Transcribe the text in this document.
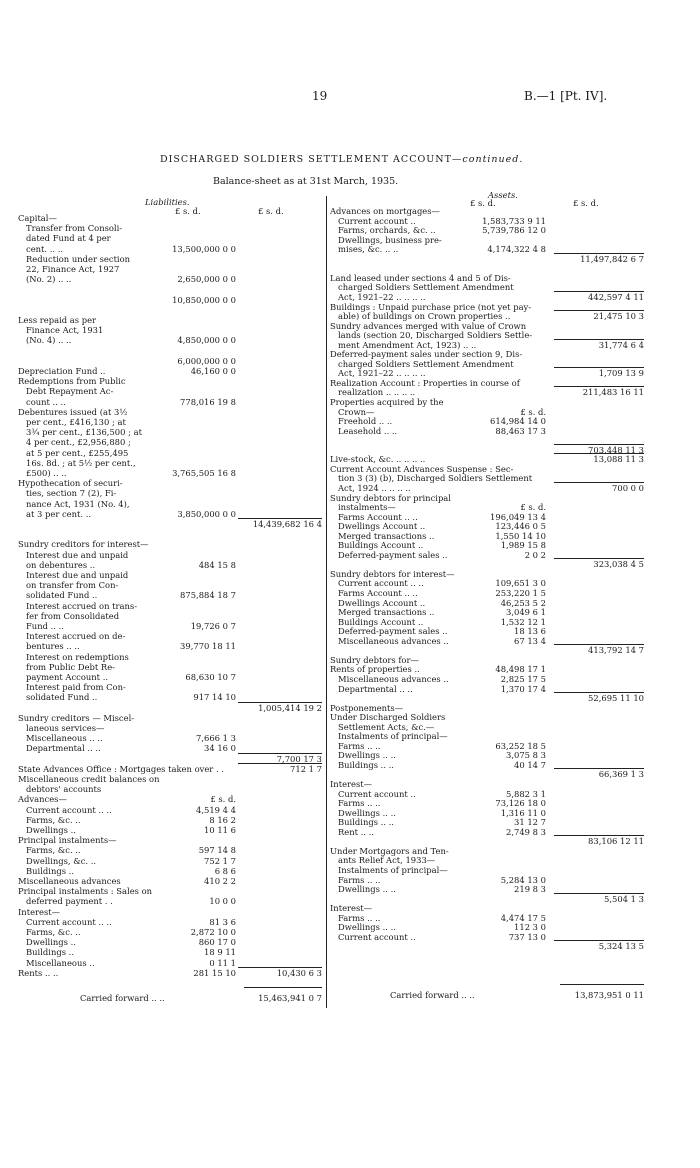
19	B.—1 [Pt. IV].
DISCHARGED SOLDIERS SETTLEMENT ACCOUNT—continued.
Balance-sheet as at 31st March, 1935.
Liabilities.
£ s. d.	£ s. d.
Assets.
£ s. d.	£ s. d.
Capital—
Transfer from Consoli-
dated Fund at 4 per
cent. .. ..	13,500,000 0 0
Reduction under section
22, Finance Act, 1927
(No. 2) .. ..	2,650,000 0 0
10,850,000 0 0
Less repaid as per
Finance Act, 1931
(No. 4) .. ..	4,850,000 0 0
6,000,000 0 0
Depreciation Fund ..	46,160 0 0
Redemptions from Public
Debt Repayment Ac-
count .. ..	778,016 19 8
Debentures issued (at 3½
per cent., £416,130 ; at
3¾ per cent., £136,500 ; at
4 per cent., £2,956,880 ;
at 5 per cent., £255,495
16s. 8d. ; at 5½ per cent.,
£500) .. ..	3,765,505 16 8
Hypothecation of securi-
ties, section 7 (2), Fi-
nance Act, 1931 (No. 4),
at 3 per cent. ..	3,850,000 0 0
14,439,682 16 4
Sundry creditors for interest—
Interest due and unpaid
on debentures ..	484 15 8
Interest due and unpaid
on transfer from Con-
solidated Fund ..	875,884 18 7
Interest accrued on trans-
fer from Consolidated
Fund .. ..	19,726 0 7
Interest accrued on de-
bentures .. ..	39,770 18 11
Interest on redemptions
from Public Debt Re-
payment Account ..	68,630 10 7
Interest paid from Con-
solidated Fund ..	917 14 10
1,005,414 19 2
Sundry creditors — Miscel-
laneous services—
Miscellaneous .. ..	7,666 1 3
Departmental .. ..	34 16 0
7,700 17 3
State Advances Office : Mortgages taken over . .	712 1 7
Miscellaneous credit balances on
debtors' accounts
Advances—	£ s. d.
Current account .. ..	4,519 4 4
Farms, &c. ..	8 16 2
Dwellings ..	10 11 6
Principal instalments—
Farms, &c. ..	597 14 8
Dwellings, &c. ..	752 1 7
Buildings ..	6 8 6
Miscellaneous advances	410 2 2
Principal instalments : Sales on
deferred payment . .	10 0 0
Interest—
Current account .. ..	81 3 6
Farms, &c. ..	2,872 10 0
Dwellings ..	860 17 0
Buildings ..	18 9 11
Miscellaneous ..	0 11 1
Rents .. ..	281 15 10	10,430 6 3
Advances on mortgages—
Current account ..	1,583,733 9 11
Farms, orchards, &c. ..	5,739,786 12 0
Dwellings, business pre-
mises, &c. .. ..	4,174,322 4 8
11,497,842 6 7
Land leased under sections 4 and 5 of Dis-
charged Soldiers Settlement Amendment
Act, 1921–22 .. .. .. ..	442,597 4 11
Buildings : Unpaid purchase price (not yet pay-
able) of buildings on Crown properties ..	21,475 10 3
Sundry advances merged with value of Crown
lands (section 20, Discharged Soldiers Settle-
ment Amendment Act, 1923) .. ..	31,774 6 4
Deferred-payment sales under section 9, Dis-
charged Soldiers Settlement Amendment
Act, 1921–22 .. .. .. ..	1,709 13 9
Realization Account : Properties in course of
realization .. .. .. ..	211,483 16 11
Properties acquired by the
Crown—	£ s. d.
Freehold .. ..	614,984 14 0
Leasehold .. ..	88,463 17 3
703,448 11 3
Live-stock, &c. .. .. .. ..	13,088 11 3
Current Account Advances Suspense : Sec-
tion 3 (3) (b), Discharged Soldiers Settlement
Act, 1924 .. .. .. ..	700 0 0
Sundry debtors for principal
instalments—	£ s. d.
Farms Account .. ..	196,049 13 4
Dwellings Account ..	123,446 0 5
Merged transactions ..	1,550 14 10
Buildings Account ..	1,989 15 8
Deferred-payment sales ..	2 0 2
323,038 4 5
Sundry debtors for interest—
Current account .. ..	109,651 3 0
Farms Account .. ..	253,220 1 5
Dwellings Account ..	46,253 5 2
Merged transactions ..	3,049 6 1
Buildings Account ..	1,532 12 1
Deferred-payment sales ..	18 13 6
Miscellaneous advances ..	67 13 4
413,792 14 7
Sundry debtors for—
Rents of properties ..	48,498 17 1
Miscellaneous advances ..	2,825 17 5
Departmental .. ..	1,370 17 4
52,695 11 10
Postponements—
Under Discharged Soldiers
Settlement Acts, &c.—
Instalments of principal—
Farms .. ..	63,252 18 5
Dwellings .. ..	3,075 8 3
Buildings .. ..	40 14 7
66,369 1 3
Interest—
Current account ..	5,882 3 1
Farms .. ..	73,126 18 0
Dwellings .. ..	1,316 11 0
Buildings .. ..	31 12 7
Rent .. ..	2,749 8 3
83,106 12 11
Under Mortgagors and Ten-
ants Relief Act, 1933—
Instalments of principal—
Farms .. ..	5,284 13 0
Dwellings .. ..	219 8 3
5,504 1 3
Interest—
Farms .. ..	4,474 17 5
Dwellings .. ..	112 3 0
Current account ..	737 13 0
5,324 13 5
Carried forward .. ..	15,463,941 0 7	Carried forward .. ..	13,873,951 0 11
